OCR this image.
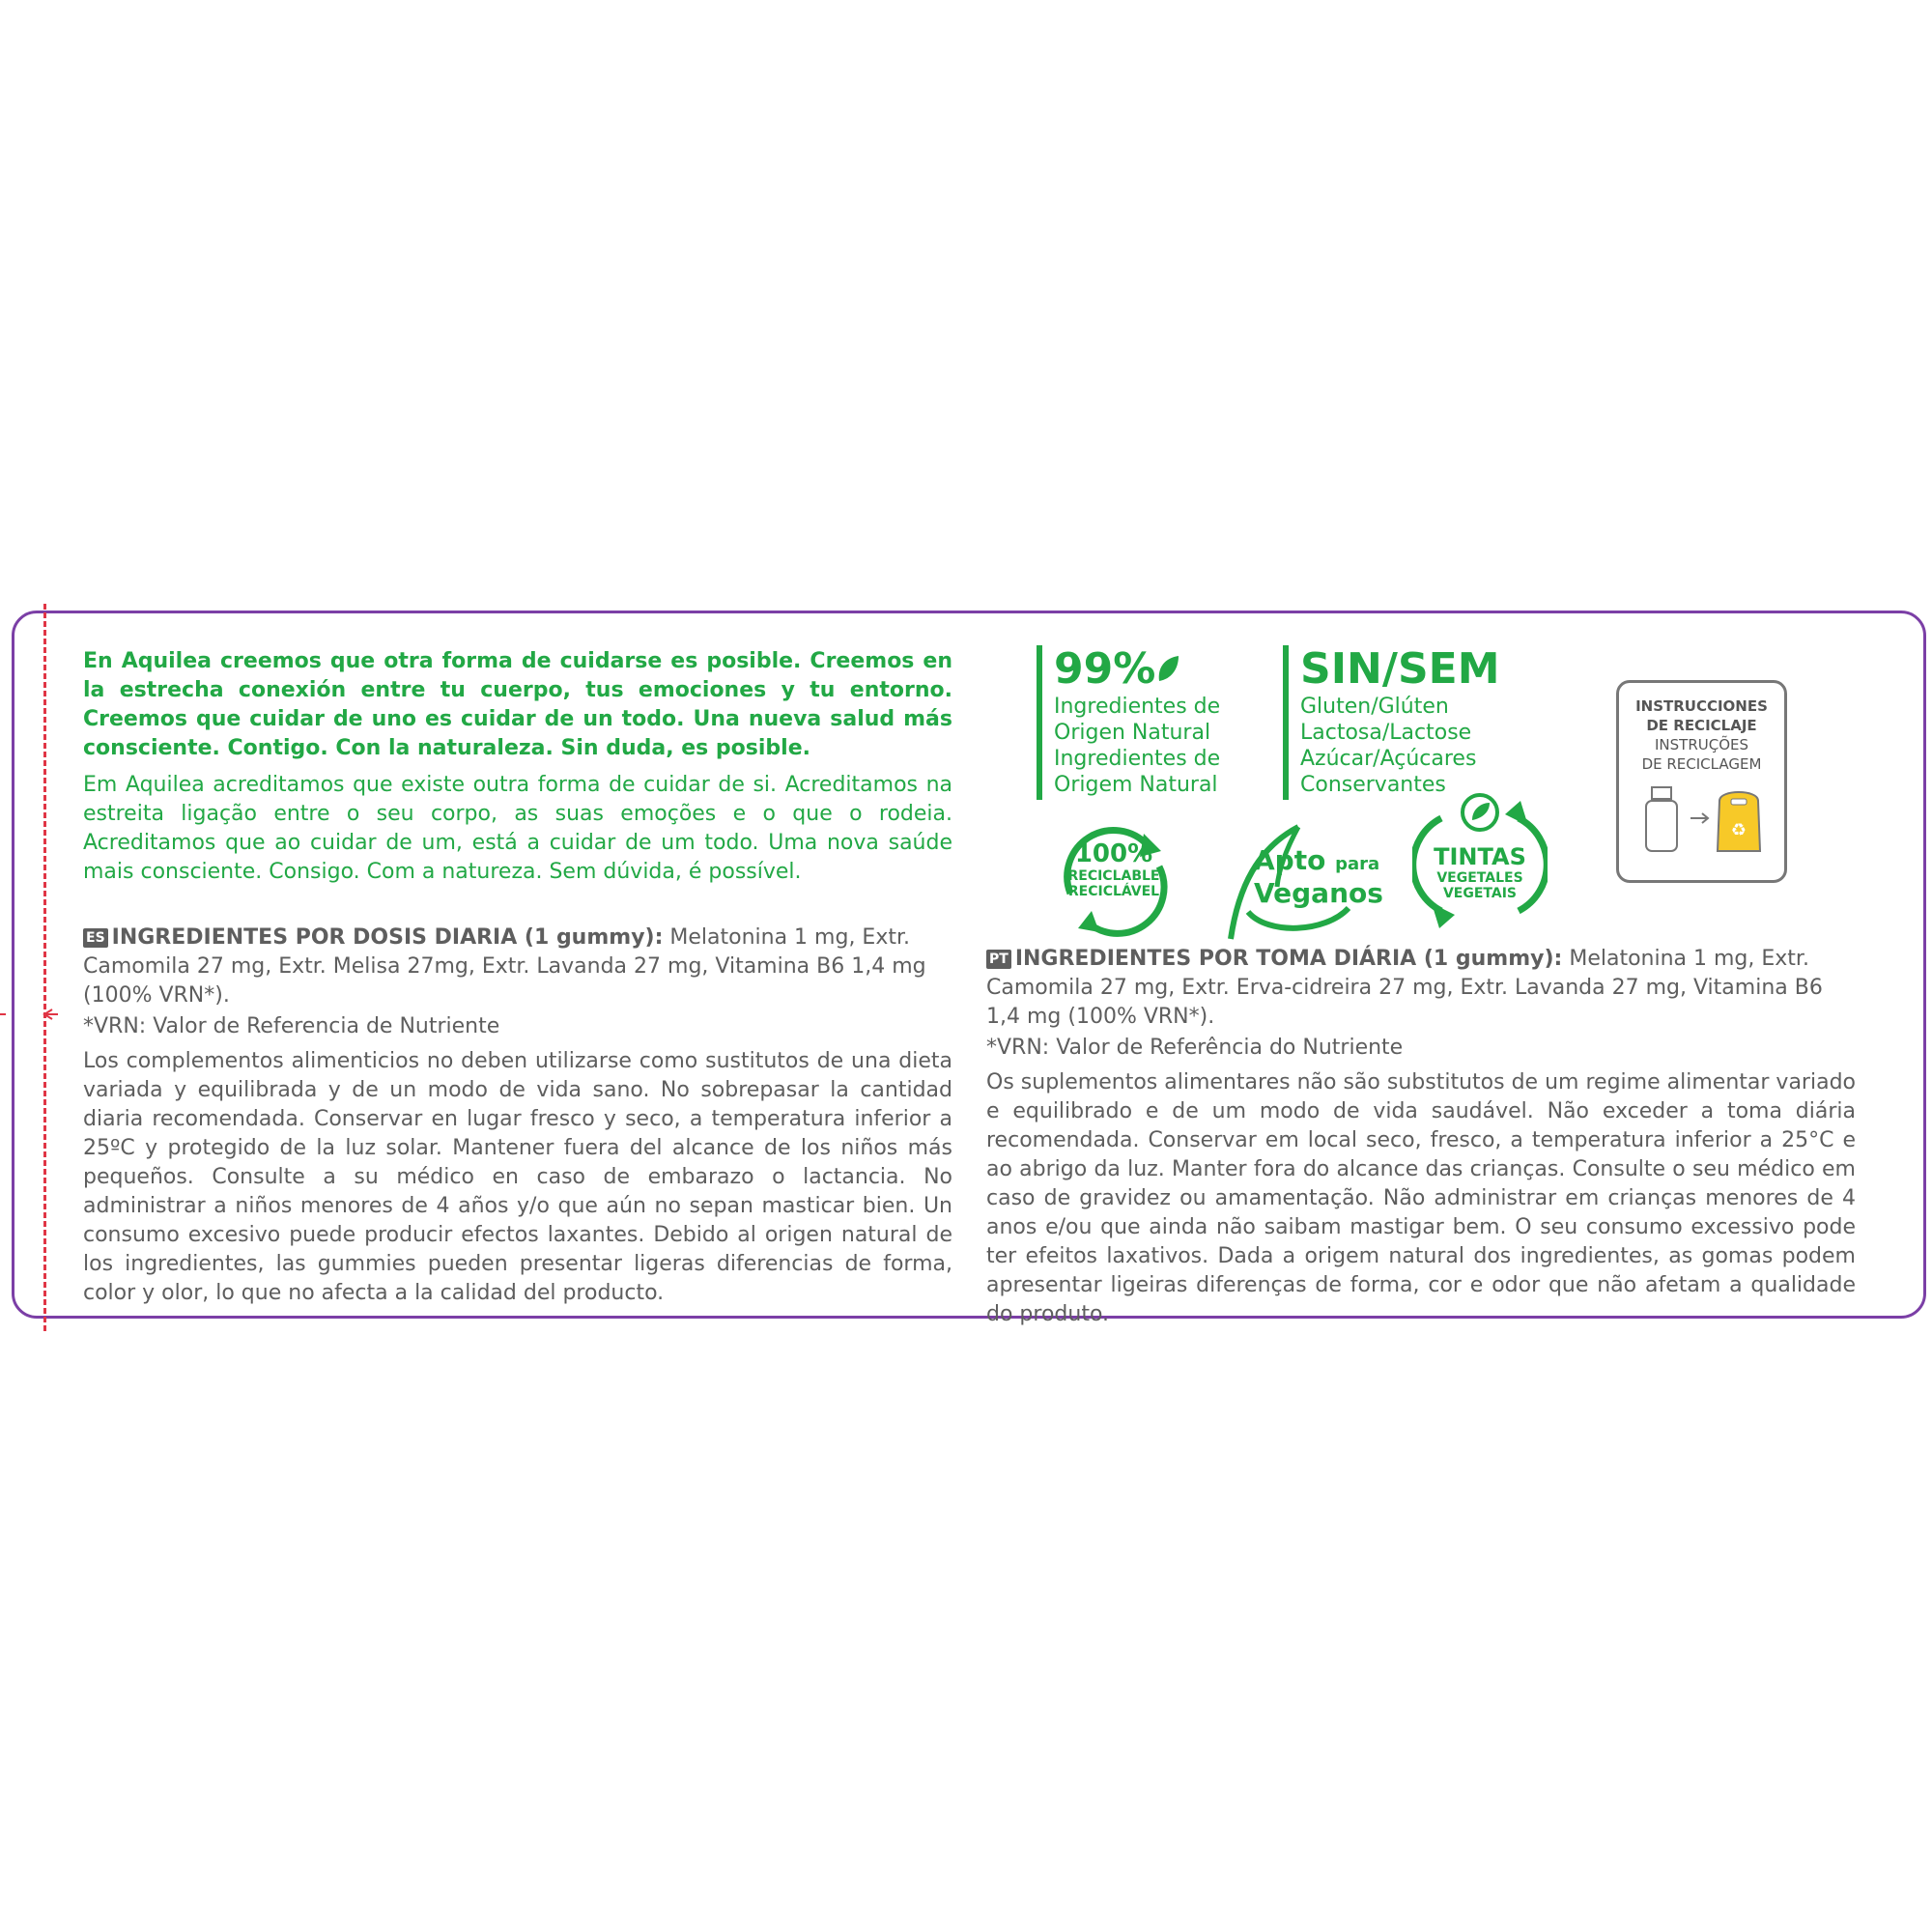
En Aquilea creemos que otra forma de cuidarse es posible. Creemos en la estrecha conexión entre tu cuerpo, tus emociones y tu entorno. Creemos que cuidar de uno es cuidar de un todo. Una nueva salud más consciente. Contigo. Con la naturaleza. Sin duda, es posible.

Em Aquilea acreditamos que existe outra forma de cuidar de si. Acreditamos na estreita ligação entre o seu corpo, as suas emoções e o que o rodeia. Acreditamos que ao cuidar de um, está a cuidar de um todo. Uma nova saúde mais consciente. Consigo. Com a natureza. Sem dúvida, é possível.

ES INGREDIENTES POR DOSIS DIARIA (1 gummy): Melatonina 1 mg, Extr. Camomila 27 mg, Extr. Melisa 27mg, Extr. Lavanda 27 mg, Vitamina B6 1,4 mg (100% VRN*).

*VRN: Valor de Referencia de Nutriente

Los complementos alimenticios no deben utilizarse como sustitutos de una dieta variada y equilibrada y de un modo de vida sano. No sobrepasar la cantidad diaria recomendada. Conservar en lugar fresco y seco, a temperatura inferior a 25ºC y protegido de la luz solar. Mantener fuera del alcance de los niños más pequeños. Consulte a su médico en caso de embarazo o lactancia. No administrar a niños menores de 4 años y/o que aún no sepan masticar bien. Un consumo excesivo puede producir efectos laxantes. Debido al origen natural de los ingredientes, las gummies pueden presentar ligeras diferencias de forma, color y olor, lo que no afecta a la calidad del producto.

PT INGREDIENTES POR TOMA DIÁRIA (1 gummy): Melatonina 1 mg, Extr. Camomila 27 mg, Extr. Erva-cidreira 27 mg, Extr. Lavanda 27 mg, Vitamina B6 1,4 mg (100% VRN*).

*VRN: Valor de Referência do Nutriente

Os suplementos alimentares não são substitutos de um regime alimentar variado e equilibrado e de um modo de vida saudável. Não exceder a toma diária recomendada. Conservar em local seco, fresco, a temperatura inferior a 25°C e ao abrigo da luz. Manter fora do alcance das crianças. Consulte o seu médico em caso de gravidez ou amamentação. Não administrar em crianças menores de 4 anos e/ou que ainda não saibam mastigar bem. O seu consumo excessivo pode ter efeitos laxativos. Dada a origem natural dos ingredientes, as gomas podem apresentar ligeiras diferenças de forma, cor e odor que não afetam a qualidade do produto.

99%
Ingredientes de
Origen Natural
Ingredientes de
Origem Natural
SIN/SEM
Gluten/Glúten
Lactosa/Lactose
Azúcar/Açúcares
Conservantes
100%
RECICLABLE
RECICLÁVEL
Apto para
Veganos
TINTAS
VEGETALES
VEGETAIS
INSTRUCCIONES
DE RECICLAJE
INSTRUÇÕES
DE RECICLAGEM
♻
